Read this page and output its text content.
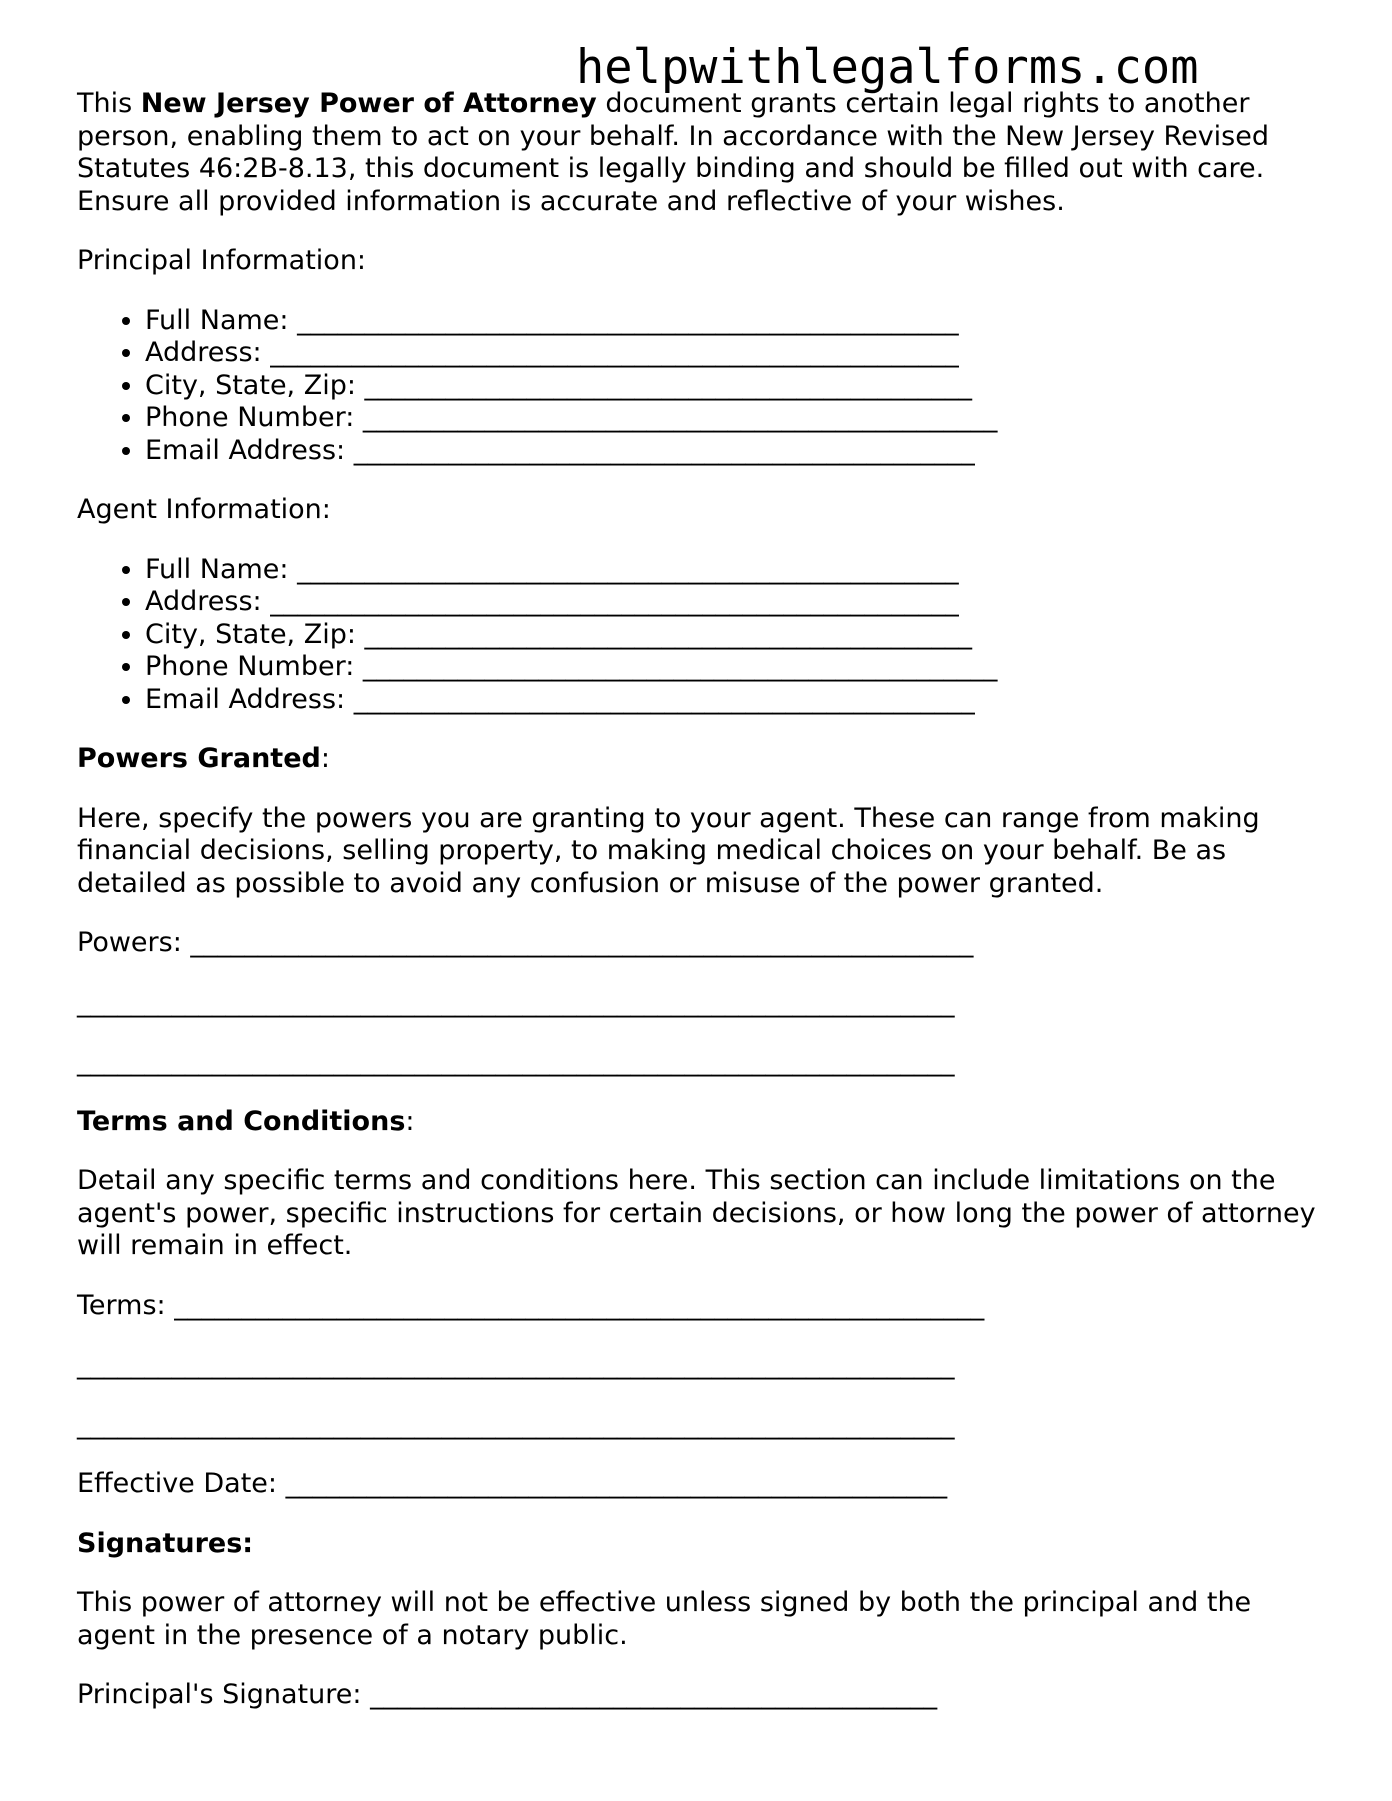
helpwithlegalforms.com

This New Jersey Power of Attorney document grants certain legal rights to another person, enabling them to act on your behalf. In accordance with the New Jersey Revised Statutes 46:2B-8.13, this document is legally binding and should be filled out with care. Ensure all provided information is accurate and reflective of your wishes.

Principal Information:

• Full Name: _________________________________________________
• Address: ___________________________________________________
• City, State, Zip: _____________________________________________
• Phone Number: _______________________________________________
• Email Address: ______________________________________________

Agent Information:

• Full Name: _________________________________________________
• Address: ___________________________________________________
• City, State, Zip: _____________________________________________
• Phone Number: _______________________________________________
• Email Address: ______________________________________________

Powers Granted:

Here, specify the powers you are granting to your agent. These can range from making financial decisions, selling property, to making medical choices on your behalf. Be as detailed as possible to avoid any confusion or misuse of the power granted.

Powers: __________________________________________________________

_________________________________________________________________

_________________________________________________________________

Terms and Conditions:

Detail any specific terms and conditions here. This section can include limitations on the agent's power, specific instructions for certain decisions, or how long the power of attorney will remain in effect.

Terms: ____________________________________________________________

_________________________________________________________________

_________________________________________________________________

Effective Date: _________________________________________________

Signatures:

This power of attorney will not be effective unless signed by both the principal and the agent in the presence of a notary public.

Principal's Signature: __________________________________________
